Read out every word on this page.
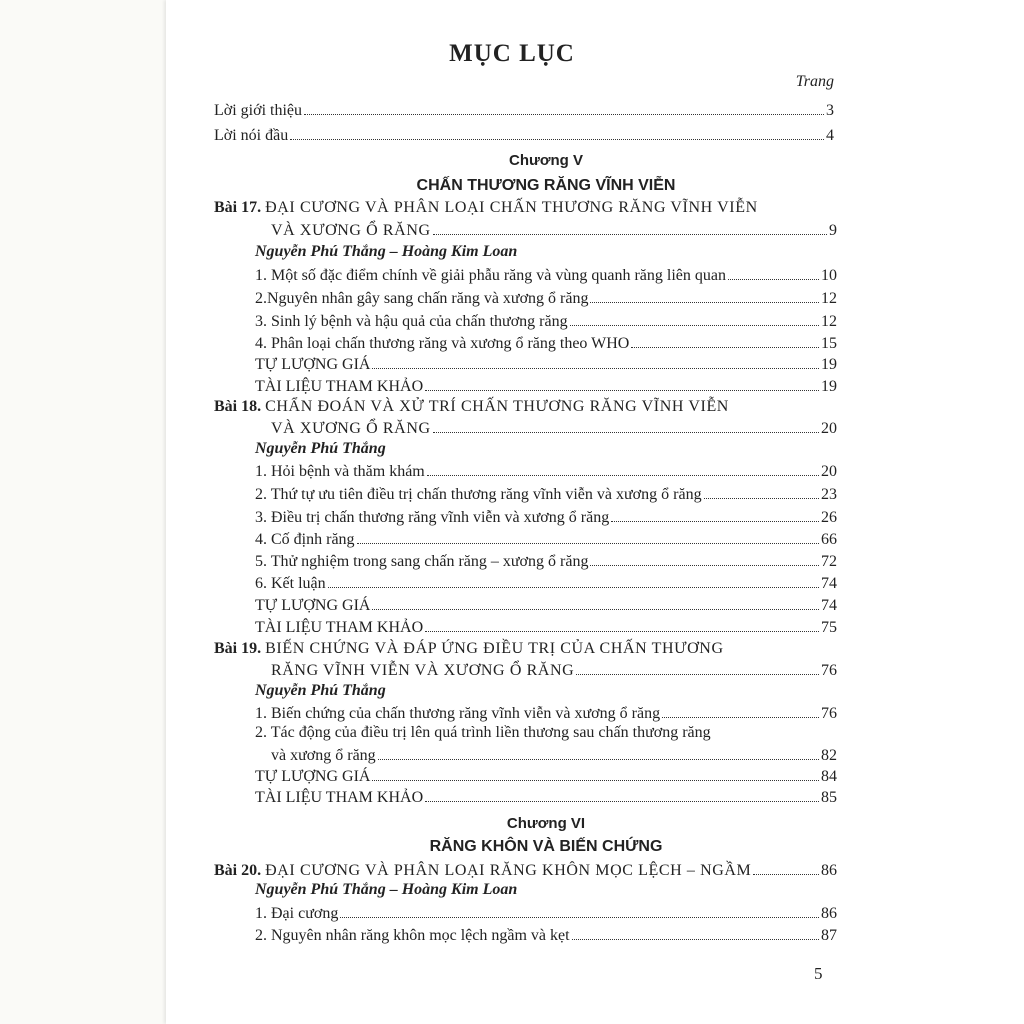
MỤC LỤC
Trang
Lời giới thiệu	3
Lời nói đầu	4
Chương V
CHẤN THƯƠNG RĂNG VĨNH VIỄN
Bài 17. ĐẠI CƯƠNG VÀ PHÂN LOẠI CHẤN THƯƠNG RĂNG VĨNH VIỄN
VÀ XƯƠNG Ổ RĂNG	9
Nguyễn Phú Thắng – Hoàng Kim Loan
1. Một số đặc điểm chính về giải phẫu răng và vùng quanh răng liên quan	10
2.Nguyên nhân gây sang chấn răng và xương ổ răng	12
3. Sinh lý bệnh và hậu quả của chấn thương răng	12
4. Phân loại chấn thương răng và xương ổ răng theo WHO	15
TỰ LƯỢNG GIÁ	19
TÀI LIỆU THAM KHẢO	19
Bài 18. CHẨN ĐOÁN VÀ XỬ TRÍ CHẤN THƯƠNG RĂNG VĨNH VIỄN
VÀ XƯƠNG Ổ RĂNG	20
Nguyễn Phú Thắng
1. Hỏi bệnh và thăm khám	20
2. Thứ tự ưu tiên điều trị chấn thương răng vĩnh viễn và xương ổ răng	23
3. Điều trị chấn thương răng vĩnh viễn và xương ổ răng	26
4. Cố định răng	66
5. Thử nghiệm trong sang chấn răng – xương ổ răng	72
6. Kết luận	74
TỰ LƯỢNG GIÁ	74
TÀI LIỆU THAM KHẢO	75
Bài 19. BIẾN CHỨNG VÀ ĐÁP ỨNG ĐIỀU TRỊ CỦA CHẤN THƯƠNG
RĂNG VĨNH VIỄN VÀ XƯƠNG Ổ RĂNG	76
Nguyễn Phú Thắng
1. Biến chứng của chấn thương răng vĩnh viễn và xương ổ răng	76
2. Tác động của điều trị lên quá trình liền thương sau chấn thương răng
và xương ổ răng	82
TỰ LƯỢNG GIÁ	84
TÀI LIỆU THAM KHẢO	85
Chương VI
RĂNG KHÔN VÀ BIẾN CHỨNG
Bài 20. ĐẠI CƯƠNG VÀ PHÂN LOẠI RĂNG KHÔN MỌC LỆCH – NGẦM	86
Nguyễn Phú Thắng – Hoàng Kim Loan
1. Đại cương	86
2. Nguyên nhân răng khôn mọc lệch ngầm và kẹt	87
5
